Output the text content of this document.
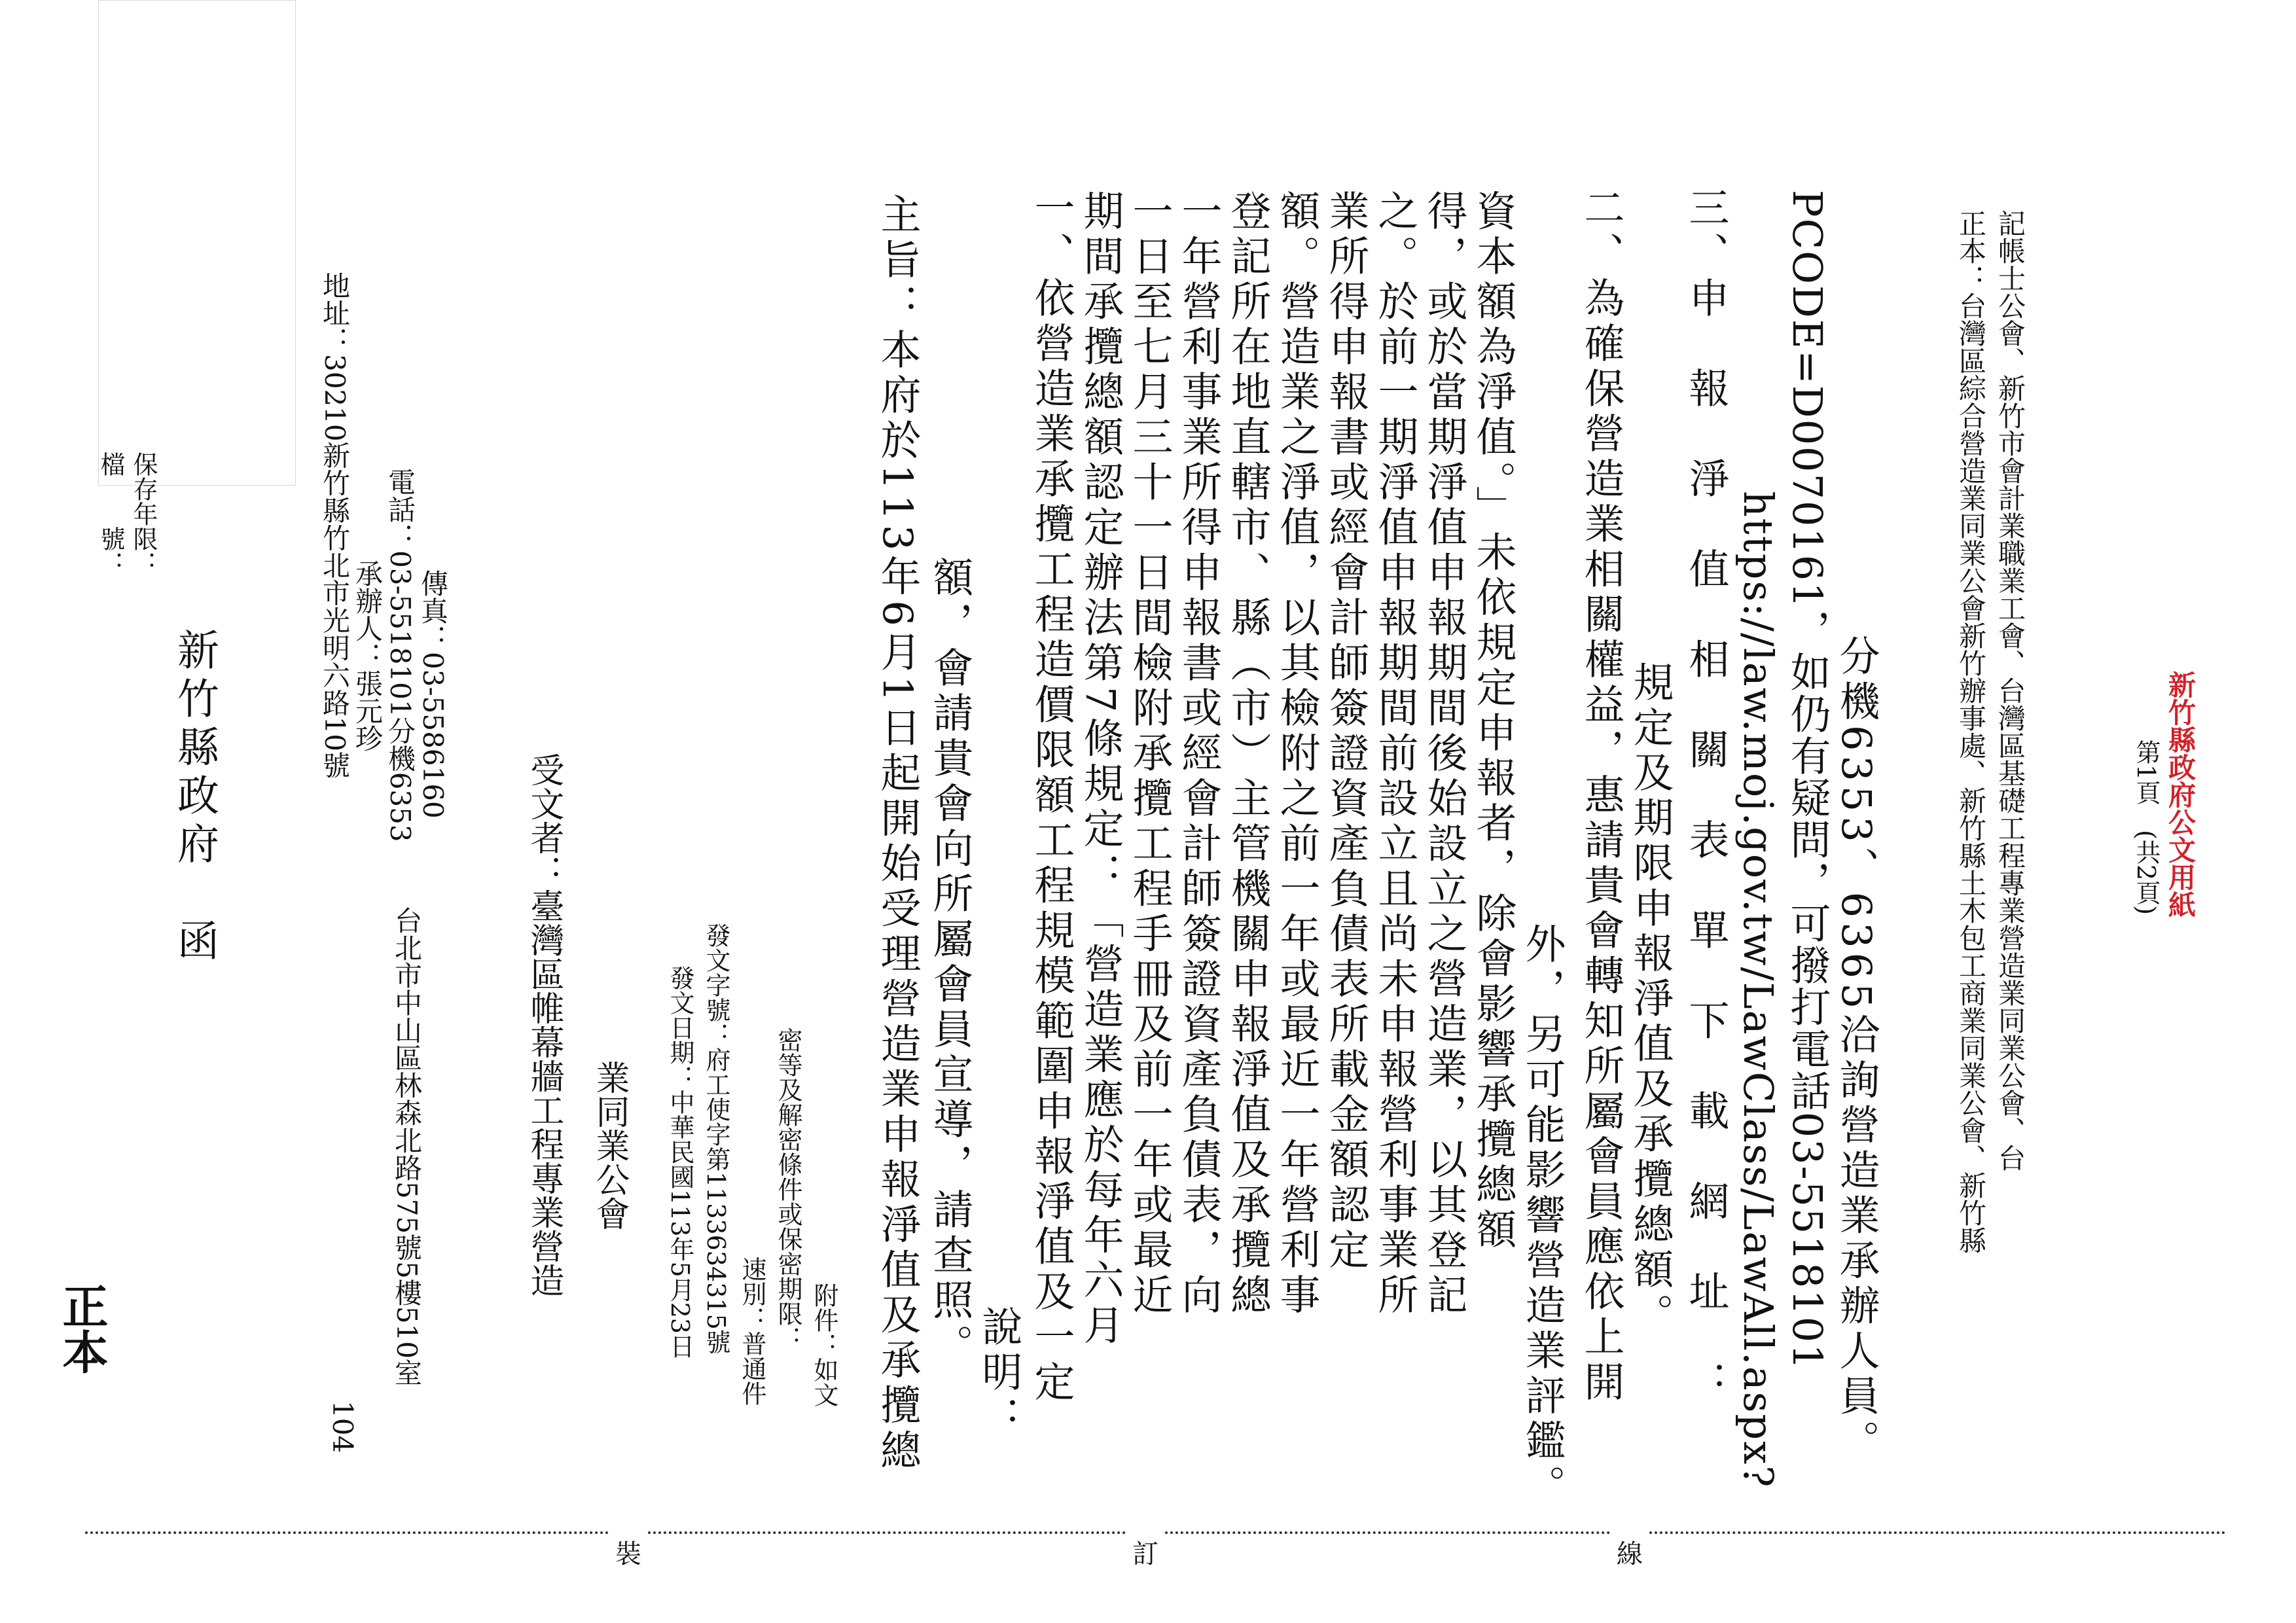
正本
檔　　號： 保存年限：
新竹縣政府　函
地址：30210新竹縣竹北市光明六路10號 承辦人：張元珍 電話：03-5518101分機6353 傳真：03-5586160
104
台北市中山區林森北路575號5樓510室	受文者：臺灣區帷幕牆工程專業營造 業同業公會 發文日期：中華民國113年5月23日 發文字號：府工使字第1133634315號 速別：普通件 密等及解密條件或保密期限： 附件：如文 主旨：本府於113年6月1日起開始受理營造業申報淨值及承攬總 額，會請貴會向所屬會員宣導，請查照。
說明： 一、依營造業承攬工程造價限額工程規模範圍申報淨值及一定 期間承攬總額認定辦法第7條規定：「營造業應於每年六月 一日至七月三十一日間檢附承攬工程手冊及前一年或最近 一年營利事業所得申報書或經會計師簽證資產負債表，向 登記所在地直轄市、縣（市）主管機關申報淨值及承攬總 額。營造業之淨值，以其檢附之前一年或最近一年營利事 業所得申報書或經會計師簽證資產負債表所載金額認定 之。於前一期淨值申報期間前設立且尚未申報營利事業所 得，或於當期淨值申報期間後始設立之營造業，以其登記 資本額為淨值。」未依規定申報者，除會影響承攬總額 外，另可能影響營造業評鑑。 二、為確保營造業相關權益，惠請貴會轉知所屬會員應依上開 規定及期限申報淨值及承攬總額。 三、申　報　淨　值　相　關　表　單　下　載　網　址　： https://law.moj.gov.tw/LawClass/LawAll.aspx? PCODE=D0070161，如仍有疑問，可撥打電話03-5518101 分機6353、6365洽詢營造業承辦人員。	正本：台灣區綜合營造業同業公會新竹辦事處、新竹縣土木包工商業同業公會、新竹縣 記帳士公會、新竹市會計業職業工會、台灣區基礎工程專業營造業同業公會、台	第1頁　(共2頁) 新竹縣政府公文用紙
裝	訂	線
